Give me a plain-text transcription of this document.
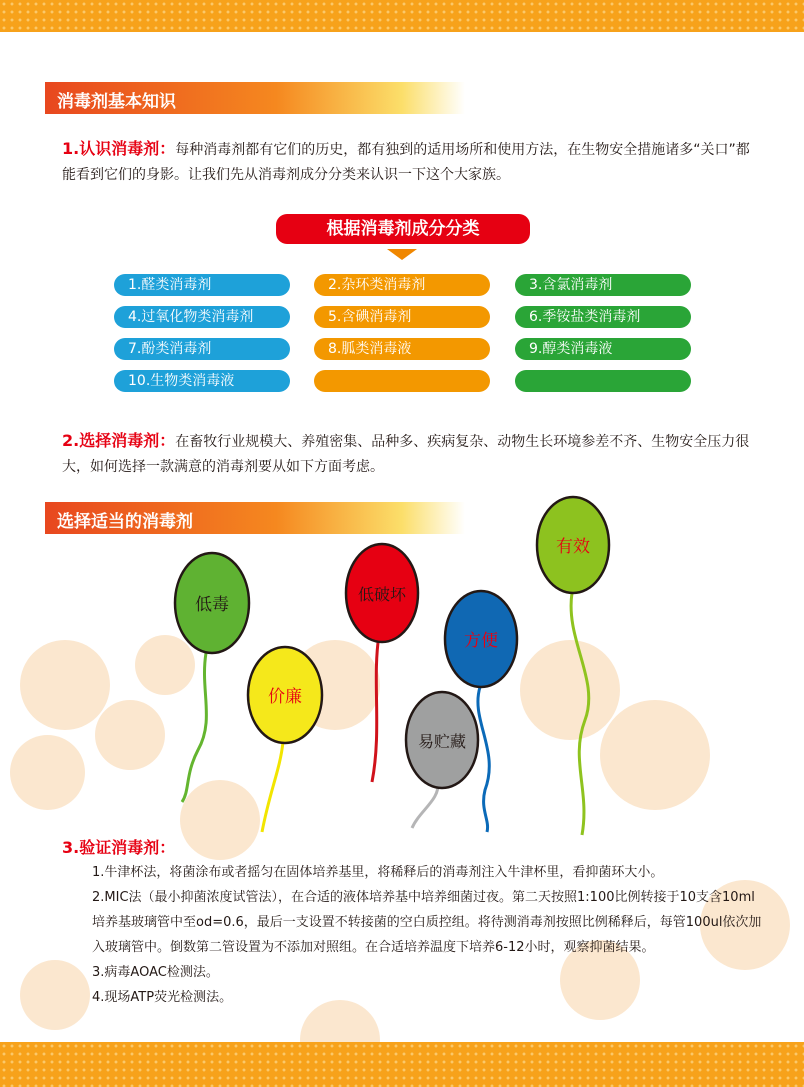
消毒剂基本知识
1.认识消毒剂：每种消毒剂都有它们的历史，都有独到的适用场所和使用方法，在生物安全措施诸多“关口”都能看到它们的身影。让我们先从消毒剂成分分类来认识一下这个大家族。
根据消毒剂成分分类
1.醛类消毒剂	2.杂环类消毒剂	3.含氯消毒剂
4.过氧化物类消毒剂	5.含碘消毒剂	6.季铵盐类消毒剂
7.酚类消毒剂	8.胍类消毒液	9.醇类消毒液
10.生物类消毒液
2.选择消毒剂：在畜牧行业规模大、养殖密集、品种多、疾病复杂、动物生长环境参差不齐、生物安全压力很大，如何选择一款满意的消毒剂要从如下方面考虑。
选择适当的消毒剂
低毒
价廉
低破坏
易贮藏
方便
有效

3.验证消毒剂：

1.牛津杯法，将菌涂布或者摇匀在固体培养基里，将稀释后的消毒剂注入牛津杯里，看抑菌环大小。

2.MIC法（最小抑菌浓度试管法），在合适的液体培养基中培养细菌过夜。第二天按照1:100比例转接于10支含10ml培养基玻璃管中至od=0.6，最后一支设置不转接菌的空白质控组。将待测消毒剂按照比例稀释后，每管100ul依次加入玻璃管中。倒数第二管设置为不添加对照组。在合适培养温度下培养6-12小时，观察抑菌结果。

3.病毒AOAC检测法。

4.现场ATP荧光检测法。
